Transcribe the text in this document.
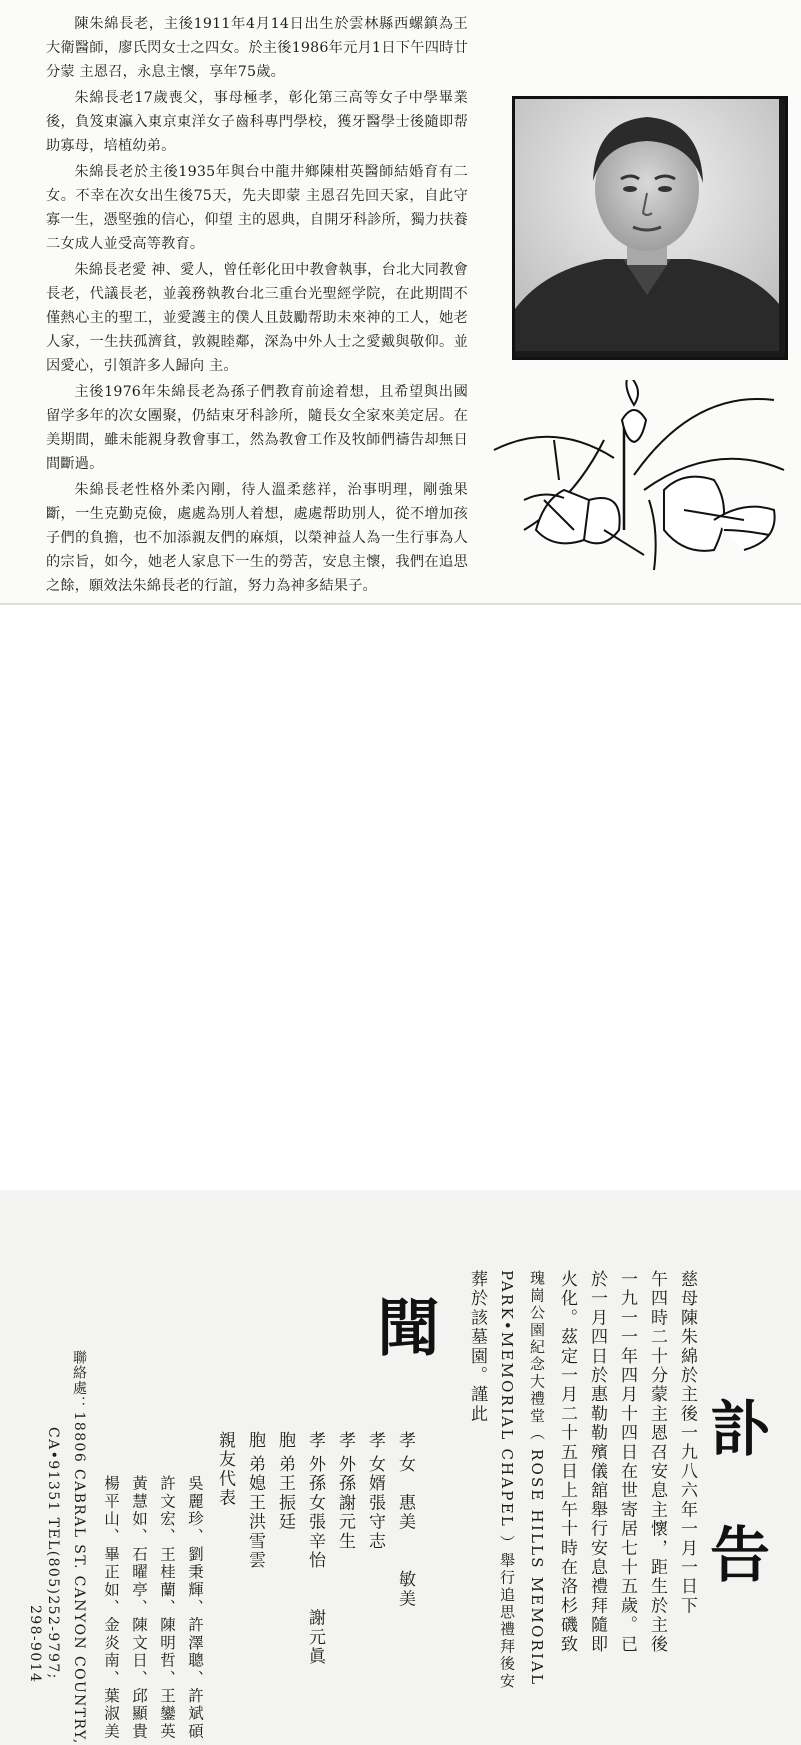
陳朱綿長老，主後1911年4月14日出生於雲林縣西螺鎮為王大衛醫師，廖氏閃女士之四女。於主後1986年元月1日下午四時廿分蒙 主恩召，永息主懷，享年75歲。

朱綿長老17歲喪父，事母極孝，彰化第三高等女子中學畢業後，負笈東瀛入東京東洋女子齒科專門學校，獲牙醫學士後隨即帮助寡母，培植幼弟。

朱綿長老於主後1935年與台中龍井鄉陳柑英醫師結婚育有二女。不幸在次女出生後75天，先夫即蒙 主恩召先回天家，自此守寡一生，憑堅強的信心，仰望 主的恩典，自開牙科診所，獨力扶養二女成人並受高等教育。

朱綿長老愛 神、愛人，曾任彰化田中教會執事，台北大同教會長老，代議長老，並義務執教台北三重台光聖經学院，在此期間不僅熱心主的聖工，並愛護主的僕人且鼓勵帮助未來神的工人，她老人家，一生扶孤濟貧，敦親睦鄰，深為中外人士之愛戴與敬仰。並因愛心，引領許多人歸向 主。

主後1976年朱綿長老為孫子們教育前途着想，且希望與出國留学多年的次女團聚，仍結束牙科診所，隨長女全家來美定居。在美期間，雖未能親身教會事工，然為教會工作及牧師們禱告却無日間斷過。

朱綿長老性格外柔內剛，待人溫柔慈祥，治事明理，剛強果斷，一生克勤克儉，處處為別人着想，處處帮助別人，從不增加孩子們的負擔，也不加添親友們的麻煩，以榮神益人為一生行事為人的宗旨，如今，她老人家息下一生的勞苦，安息主懷，我們在追思之餘，願效法朱綿長老的行誼，努力為神多結果子。

訃
告
慈母陳朱綿於主後一九八六年一月一日下
午四時二十分蒙主恩召安息主懷，距生於主後
一九一一年四月十四日在世寄居七十五歲。已
於一月四日於惠勒勒殯儀舘舉行安息禮拜隨即
火化。茲定一月二十五日上午十時在洛杉磯致
瑰崗公園紀念大禮堂（ ROSE HILLS MEMORIAL
PARK•MEMORIAL CHAPEL ）舉行追思禮拜後安
葬於該墓園。謹此
聞
孝
女　惠美　　敏美
孝
女婿張守志
孝
外孫謝元生
孝
外孫女張辛怡　　謝元眞
胞
弟王振廷
胞
弟媳王洪雪雲
親友代表
吳麗珍、劉秉輝、許澤聰、許斌碩
許文宏、王桂蘭、陳明哲、王鑾英
黃慧如、石曜亭、陳文日、邱顯貴
楊平山、畢正如、金炎南、葉淑美
聯絡處：18806 CABRAL ST. CANYON COUNTRY,
CA•91351 TEL(805)252-9797;
298-9014
